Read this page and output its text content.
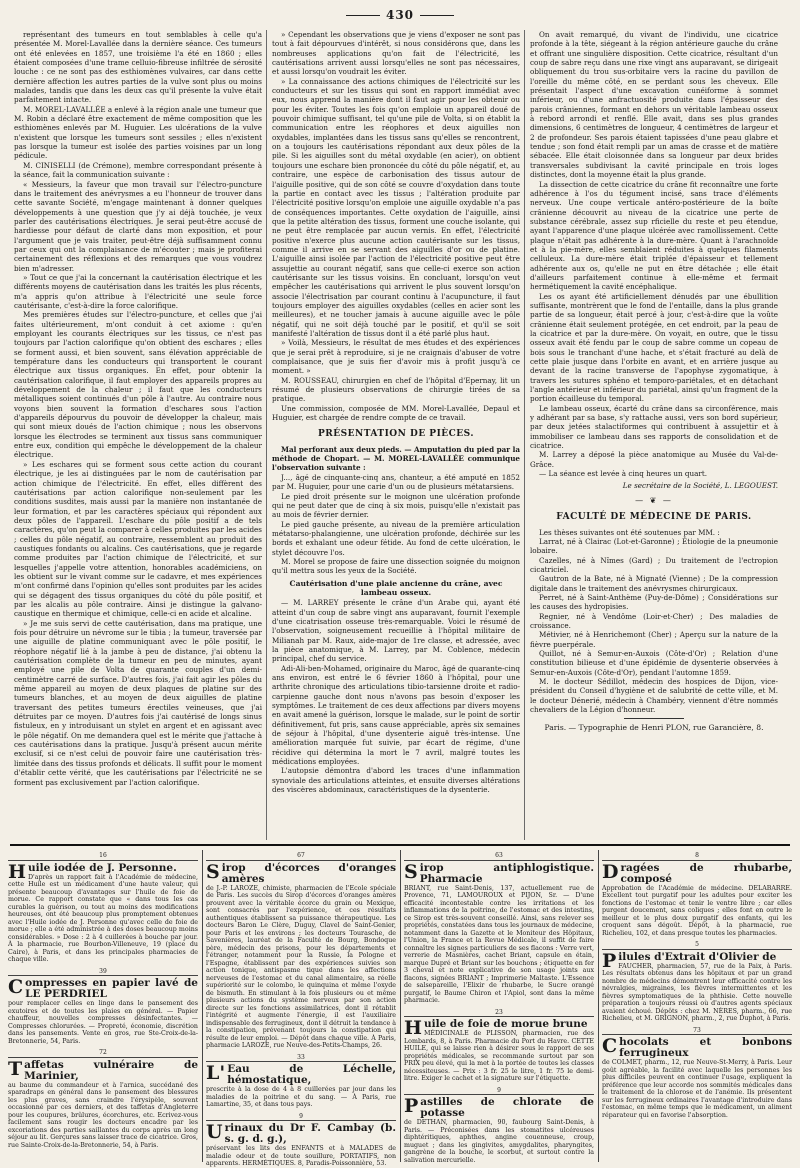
430

représentant des tumeurs en tout semblables à celle qu'a présentée M. Morel-Lavallée dans la dernière séance. Ces tumeurs ont été enlevées en 1857, une troisième l'a été en 1860 ; elles étaient composées d'une trame celluio-fibreuse infiltrée de sérosité louche : ce ne sont pas des esthiomènes vulvaires, car dans cette dernière affection les autres parties de la vulve sont plus ou moins malades, tandis que dans les deux cas qu'il présente la vulve était parfaitement intacte.

M. MOREL-LAVALLÉE a enlevé à la région anale une tumeur que M. Robin a déclaré être exactement de même composition que les esthiomènes enlevés par M. Huguier. Les ulcérations de la vulve n'existent que lorsque les tumeurs sont sessiles ; elles n'existent pas lorsque la tumeur est isolée des parties voisines par un long pédicule.

M. CINISELLI (de Crémone), membre correspondant présente à la séance, fait la communication suivante :

« Messieurs, la faveur que mon travail sur l'électro-puncture dans le traitement des anévrysmes a eu l'honneur de trouver dans cette savante Société, m'engage maintenant à donner quelques développements à une question que j'y ai déjà touchée, je veux parler des cautérisations électriques. Je serai peut-être accusé de hardiesse pour défaut de clarté dans mon exposition, et pour l'argument que je vais traiter, peut-être déjà suffisamment connu par ceux qui ont la complaisance de m'écouter ; mais je profiterai certainement des réflexions et des remarques que vous voudrez bien m'adresser.

» Tout ce que j'ai la concernant la cautérisation électrique et les différents moyens de cautérisation dans les traités les plus récents, m'a appris qu'on attribue à l'électricité une seule force cautérisante, c'est-à-dire la force calorifique.

Mes premières études sur l'électro-puncture, et celles que j'ai faites ultérieurement, m'ont conduit à cet axiome : qu'en employant les courants électriques sur les tissus, ce n'est pas toujours par l'action calorifique qu'on obtient des eschares ; elles se forment aussi, et bien souvent, sans élévation appréciable de température dans les conducteurs qui transportent le courant électrique aux tissus organiques. En effet, pour obtenir la cautérisation calorifique, il faut employer des appareils propres au développement de la chaleur ; il faut que les conducteurs métalliques soient continués d'un pôle à l'autre. Au contraire nous voyons bien souvent la formation d'eschares sous l'action d'appareils dépourvus du pouvoir de développer la chaleur, mais qui sont mieux doués de l'action chimique ; nous les observons lorsque les électrodes se terminent aux tissus sans communiquer entre eux, condition qui empêche le développement de la chaleur électrique.

» Les eschares qui se forment sous cette action du courant électrique, je les ai distinguées par le nom de cautérisation par action chimique de l'électricité. En effet, elles diffèrent des cautérisations par action calorifique non-seulement par les conditions susdites, mais aussi par la manière non instantanée de leur formation, et par les caractères spéciaux qui répondent aux deux pôles de l'appareil. L'eschare du pôle positif a de tels caractères, qu'on peut la comparer à celles produites par les acides ; celles du pôle négatif, au contraire, ressemblent au produit des caustiques fondants ou alcalins. Ces cautérisations, que je regarde comme produites par l'action chimique de l'électricité, et sur lesquelles j'appelle votre attention, honorables académiciens, on les obtient sur le vivant comme sur le cadavre, et mes expériences m'ont confirmé dans l'opinion qu'elles sont produites par les acides qui se dégagent des tissus organiques du côté du pôle positif, et par les alcalis au pôle contraire. Ainsi je distingue la galvano-caustique en thermique et chimique, celle-ci en acide et alcaline.

» Je me suis servi de cette cautérisation, dans ma pratique, une fois pour détruire un névrome sur le tibia ; la tumeur, traversée par une aiguille de platine communiquant avec le pôle positif, le réophore négatif lié à la jambe à peu de distance, j'ai obtenu la cautérisation complète de la tumeur en peu de minutes, ayant employé une pile de Volta de quarante couples d'un demi-centimètre carré de surface. D'autres fois, j'ai fait agir les pôles du même appareil au moyen de deux plaques de platine sur des tumeurs blanches, et au moyen de deux aiguilles de platine traversant des petites tumeurs érectiles veineuses, que j'ai détruites par ce moyen. D'autres fois j'ai cautérisé de longs sinus fistuleux, en y introduisant un stylet en argent et en agissant avec le pôle négatif. On me demandera quel est le mérite que j'attache à ces cautérisations dans la pratique. Jusqu'à présent aucun mérite exclusif, si ce n'est celui de pouvoir faire une cautérisation très-limitée dans des tissus profonds et délicats. Il suffit pour le moment d'établir cette vérité, que les cautérisations par l'électricité ne se forment pas exclusivement par l'action calorifique.

» Cependant les observations que je viens d'exposer ne sont pas tout à fait dépourvues d'intérêt, si nous considérons que, dans les nombreuses applications qu'on fait de l'électricité, les cautérisations arrivent aussi lorsqu'elles ne sont pas nécessaires, et aussi lorsqu'on voudrait les éviter.

» La connaissance des actions chimiques de l'électricité sur les conducteurs et sur les tissus qui sont en rapport immédiat avec eux, nous apprend la manière dont il faut agir pour les obtenir ou pour les éviter. Toutes les fois qu'on emploie un appareil doué de pouvoir chimique suffisant, tel qu'une pile de Volta, si on établit la communication entre les réophores et deux aiguilles non oxydables, implantées dans les tissus sans qu'elles se rencontrent, on a toujours les cautérisations répondant aux deux pôles de la pile. Si les aiguilles sont du métal oxydable (en acier), on obtient toujours une eschare bien prononcée du côté du pôle négatif, et, au contraire, une espèce de carbonisation des tissus autour de l'aiguille positive, qui de son côté se couvre d'oxydation dans toute la partie en contact avec les tissus ; l'altération produite par l'électricité positive lorsqu'on emploie une aiguille oxydable n'a pas de conséquences importantes. Cette oxydation de l'aiguille, ainsi que la petite altération des tissus, forment une couche isolante, qui ne peut être remplacée par aucun vernis. En effet, l'électricité positive n'exerce plus aucune action cautérisante sur les tissus, comme il arrive en se servant des aiguilles d'or ou de platine. L'aiguille ainsi isolée par l'action de l'électricité positive peut être assujettie au courant négatif, sans que celle-ci exerce son action cautérisante sur les tissus voisins. En concluant, lorsqu'on veut empêcher les cautérisations qui arrivent le plus souvent lorsqu'on associe l'électrisation par courant continu à l'acupuncture, il faut toujours employer des aiguilles oxydables (celles en acier sont les meilleures), et ne toucher jamais à aucune aiguille avec le pôle négatif, qui ne soit déjà touché par le positif, et qu'il se soit manifesté l'altération de tissus dont il a été parlé plus haut.

» Voilà, Messieurs, le résultat de mes études et des expériences que je serai prêt à reproduire, si je ne craignais d'abuser de votre complaisance, que je suis fier d'avoir mis à profit jusqu'à ce moment. »

M. ROUSSEAU, chirurgien en chef de l'hôpital d'Epernay, lit un résumé de plusieurs observations de chirurgie tirées de sa pratique.

Une commission, composée de MM. Morel-Lavallée, Depaul et Huguier, est chargée de rendre compte de ce travail.

PRÉSENTATION DE PIÈCES.

Mal perforant aux deux pieds. — Amputation du pied par la méthode de Chopart. — M. MOREL-LAVALLÉE communique l'observation suivante :

J..., âgé de cinquante-cinq ans, chanteur, a été amputé en 1852 par M. Huguier, pour une carie d'un ou de plusieurs métatarsiens.

Le pied droit présente sur le moignon une ulcération profonde qui ne peut dater que de cinq à six mois, puisqu'elle n'existait pas au mois de février dernier.

Le pied gauche présente, au niveau de la première articulation métatarso-phalangienne, une ulcération profonde, déchirée sur les bords et exhalant une odeur fétide. Au fond de cette ulcération, le stylet découvre l'os.

M. Morel se propose de faire une dissection soignée du moignon qu'il mettra sous les yeux de la Société.

Cautérisation d'une plaie ancienne du crâne, avec lambeau osseux.

— M. LARREY présente le crâne d'un Arabe qui, ayant été atteint d'un coup de sabre vingt ans auparavant, fournit l'exemple d'une cicatrisation osseuse très-remarquable. Voici le résumé de l'observation, soigneusement recueillie à l'hôpital militaire de Milianah par M. Raux, aide-major de 1re classe, et adressée, avec la pièce anatomique, à M. Larrey, par M. Coblence, médecin principal, chef du service.

Adi-Ali-ben-Mohamed, originaire du Maroc, âgé de quarante-cinq ans environ, est entré le 6 février 1860 à l'hôpital, pour une arthrite chronique des articulations tibio-tarsienne droite et radio-carpienne gauche dont nous n'avons pas besoin d'exposer les symptômes. Le traitement de ces deux affections par divers moyens en avait amené la guérison, lorsque le malade, sur le point de sortir définitivement, fut pris, sans cause appréciable, après six semaines de séjour à l'hôpital, d'une dysenterie aiguë très-intense. Une amélioration marquée fut suivie, par écart de régime, d'une récidive qui détermina la mort le 7 avril, malgré toutes les médications employées.

L'autopsie démontra d'abord les traces d'une inflammation synoviale des articulations atteintes, et ensuite diverses altérations des viscères abdominaux, caractéristiques de la dysenterie.

On avait remarqué, du vivant de l'individu, une cicatrice profonde à la tête, siégeant à la région antérieure gauche du crâne et offrant une singulière disposition. Cette cicatrice, résultant d'un coup de sabre reçu dans une rixe vingt ans auparavant, se dirigeait obliquement du trou sus-orbitaire vers la racine du pavillon de l'oreille du même côté, en se perdant sous les cheveux. Elle présentait l'aspect d'une excavation cunéiforme à sommet inférieur, ou d'une anfractuosité produite dans l'épaisseur des parois crâniennes, formant en dehors un véritable lambeau osseux à rebord arrondi et renflé. Elle avait, dans ses plus grandes dimensions, 6 centimètres de longueur, 4 centimètres de largeur et 2 de profondeur. Ses parois étaient tapissées d'une peau glabre et tendue ; son fond était rempli par un amas de crasse et de matière sébacée. Elle était cloisonnée dans sa longueur par deux brides transversales subdivisant la cavité principale en trois loges distinctes, dont la moyenne était la plus grande.

La dissection de cette cicatrice du crâne fit reconnaître une forte adhérence à l'os du tégument incisé, sans trace d'éléments nerveux. Une coupe verticale antéro-postérieure de la boîte crânienne découvrit au niveau de la cicatrice une perte de substance cérébrale, assez sup rficielle du reste et peu étendue, ayant l'apparence d'une plaque ulcérée avec ramollissement. Cette plaque n'était pas adhérente à la dure-mère. Quant à l'arachnoïde et à la pie-mère, elles semblaient réduites à quelques filaments celluleux. La dure-mère était triplée d'épaisseur et tellement adhérente aux os, qu'elle ne put en être détachée ; elle était d'ailleurs parfaitement continue à elle-même et fermait hermétiquement la cavité encéphalique.

Les os ayant été artificiellement dénudés par une ébullition suffisante, montrèrent que le fond de l'entaille, dans la plus grande partie de sa longueur, était percé à jour, c'est-à-dire que la voûte crânienne était seulement protégée, en cet endroit, par la peau de la cicatrice et par la dure-mère. On voyait, en outre, que le tissu osseux avait été fendu par le coup de sabre comme un copeau de bois sous le tranchant d'une hache, et s'était fracturé au delà de cette plaie jusque dans l'orbite en avant, et en arrière jusque au devant de la racine transverse de l'apophyse zygomatique, à travers les sutures sphéno et temporo-pariétales, et en détachant l'angle antérieur et inférieur du pariétal, ainsi qu'un fragment de la portion écailleuse du temporal.

Le lambeau osseux, écarté du crâne dans sa circonférence, mais y adhérant par sa base, s'y rattache aussi, vers son bord supérieur, par deux jetées stalactiformes qui contribuent à assujettir et à immobiliser ce lambeau dans ses rapports de consolidation et de cicatrice.

M. Larrey a déposé la pièce anatomique au Musée du Val-de-Grâce.

— La séance est levée à cinq heures un quart.

Le secrétaire de la Société, L. LEGOUEST.

— ❦ —

FACULTÉ DE MÉDECINE DE PARIS.

Les thèses suivantes ont été soutenues par MM. :

Larrat, né à Clairac (Lot-et-Garonne) ; Étiologie de la pneumonie lobaire.

Cazelles, né à Nîmes (Gard) ; Du traitement de l'ectropion cicatriciel.

Gautron de la Bate, né à Mignaté (Vienne) ; De la compression digitale dans le traitement des anévrysmes chirurgicaux.

Perret, né à Saint-Anthème (Puy-de-Dôme) ; Considérations sur les causes des hydropisies.

Regnier, né à Vendôme (Loir-et-Cher) ; Des maladies de croissance.

Métivier, né à Henrichemont (Cher) ; Aperçu sur la nature de la fièvre puerpérale.

Quillot, né à Semur-en-Auxois (Côte-d'Or) ; Relation d'une constitution bilieuse et d'une épidémie de dysenterie observées à Semur-en-Auxois (Côte-d'Or), pendant l'automne 1859.

M. le docteur Sédillot, médecin des hospices de Dijon, vice-président du Conseil d'hygiène et de salubrité de cette ville, et M. le docteur Dénerié, médecin à Chambéry, viennent d'être nommés chevaliers de la Légion d'honneur.

Paris. — Typographie de Henri PLON, rue Garancière, 8.

16
Huile iodée de J. Personne.
D'après un rapport fait à l'Académie de médecine, cette Huile est un médicament d'une haute valeur, qui présente beaucoup d'avantages sur l'huile de foie de morue. Ce rapport constate que « dans tous les cas curables la guérison, ou tout au moins des modifications heureuses, ont été beaucoup plus promptement obtenues avec l'Huile iodée de J. Personne qu'avec celle de foie de morue ; elle a été administrée à des doses beaucoup moins considérables. » Dose : 2 à 4 cuillerées à bouche par jour. À la pharmacie, rue Bourbon-Villeneuve, 19 (place du Caire), à Paris, et dans les principales pharmacies de chaque ville.
39
Compresses en papier lavé de LE PERDRIEL
pour remplacer celles en linge dans le pansement des exutoires et de toutes les plaies en général. — Papier chauffeur, nouvelles compresses désinfectantes. — Compresses chlorurées. — Propreté, économie, discrétion dans les pansements. Vente en gros, rue Ste-Croix-de-la-Bretonnerie, 54, Paris.
72
Taffetas vulnéraire de Marinier,
au baume du commandeur et à l'arnica, succédané des sparadraps en général dans le pansement des blessures les plus graves, sans craindre l'érysipèle, souvent occasionné par ces derniers, et des taffetas d'Angleterre pour les coupures, brûlures, écorchures, etc. Ecrivez-vous facilement sans rougir les docteurs encadre par les excoriations des parties saillantes du corps après un long séjour au lit. Gerçures sans laisser trace de cicatrice. Gros, rue Sainte-Croix-de-la-Bretonnerie, 54, à Paris.
67
Sirop d'écorces d'oranges amères
de J.-P. LAROZE, chimiste, pharmacien de l'Ecole spéciale de Paris. Les succès du Sirop d'écorces d'oranges amères prouvent avec la véritable écorce du grain ou Mexique, sont consacrés par l'expérience, et ces résultats authentiques établissent sa puissance thérapeutique. Les docteurs Baron Le Clère, Duguy, Clavel de Saint-Genier, pour Paris et les environs ; les docteurs Tourasche, de Savenières, lauréat de la Faculté de Bourg, Bondoque père, médecin des prisons, pour les départements et l'étranger, notamment pour la Russie, la Pologne et l'Espagne, établissent par des expériences suivies son action tonique, antispasme tique dans les affections nerveuses de l'estomac et du canal alimentaire, sa réelle supériorité sur le colombo, le quinquina et même l'oxyde de bismuth. En stimulant à la fois plusieurs ou et même plusieurs actions du système nerveux par son action directe sur les fonctions assimilatrices, dont il rétablit l'intégrité et augmente l'énergie, il est l'auxiliaire indispensable des ferrugineux, dont il détruit la tendance à la constipation, prévenant toujours la constipation qui résulte de leur emploi. — Dépôt dans chaque ville. À Paris, pharmacie LAROZE, rue Neuve-des-Petits-Champs, 26.
33
L'Eau de Léchelle, hémostatique,
prescrite à la dose de 4 à 8 cuillerées par jour dans les maladies de la poitrine et du sang. — À Paris, rue Lamartine, 35, et dans tous pays.
9
Urinaux du Dr F. Cambay (b. s. g. d. g.),
préservant les lits des ENFANTS et à MALADES de maladie odeur et de toute souillure, PORTATIFS, non apparents. HERMÉTIQUES. 8, Paradis-Poissonnière, 53.
63
Sirop antiphlogistique. Pharmacie
BRIANT, rue Saint-Denis, 137, actuellement rue de Provence, 71, LAMOUROUX et PIJON, Sr. — D'une efficacité incontestable contre les irritations et les inflammations de la poitrine, de l'estomac et des intestins, ce Sirop est très-souvent conseillé. Ainsi, sans relever ses propriétés, constatées dans tous les journaux de médecine, notamment dans la Gazette et le Moniteur des Hôpitaux, l'Union, la France et la Revue Médicale, il suffit de faire connaître les signes particuliers de ses flacons : Verre vert, verrerie de Masnières, cachet Briant, capsule en étain, marque Dupré et Briant sur les bouchons ; étiquette en fer 3 cheval et note explicative de son usage joints aux flacons, signées BRIANT ; Imprimerie Maltaste. L'Essence de salsepareille, l'Elixir de rhubarbe, le Sucre orangé purgatif, le Baume Chiron et l'Apiol, sont dans la même pharmacie.
23
Huile de foie de morue brune
MÉDICINALE de PLISSON, pharmacien, rue des Lombards, 8, à Paris. Pharmacie du Port du Havre. CETTE HUILE, qui se laisse rien à désirer sous le rapport de ses propriétés médicales, se recommande surtout par son PRIX peu élevé, qui la met à la portée de toutes les classes nécessiteuses. — Prix : 3 fr. 25 le litre, 1 fr. 75 le demi-litre. Exiger le cachet et la signature sur l'étiquette.
9
Pastilles de chlorate de potasse
de DETHAN, pharmacien, 90, faubourg Saint-Denis, à Paris. — Préconisées dans les stomatites ulcéreuses diphtéritiques, aphthes, angine couenneuse, croup, muguet ; dans les gingivites, amygdalites, pharyngites, gangrène de la bouche, le scorbut, et surtout contre la salivation mercurielle.
8
Dragées de rhubarbe, composé
Approbation de l'Académie de médecine. DELABARRE. Excellent tout purgatif pour les adultes pour exciter les fonctions de l'estomac et tenir le ventre libre ; car elles purgent doucement, sans coliques ; elles font en outre le meilleur et le plus doux purgatif des enfants, qui les croquent sans dégoût. Dépôt, à la pharmacie, rue Richelieu, 102, et dans presque toutes les pharmacies.
5
Pilules d'Extrait d'Olivier de
FAUCHER, pharmacien, 57, rue de la Paix, à Paris. Les résultats obtenus dans les hôpitaux et par un grand nombre de médecins démontrent leur efficacité contre les névralgies, migraines, les fièvres intermittentes et les fièvres symptomatiques de la phthisie. Cette nouvelle préparation a toujours réussi où d'autres agents spéciaux avaient échoué. Dépôts : chez M. NÈRES, pharm., 66, rue Richelieu, et M. GRIGNON, pharm., 2, rue Duphot, à Paris.
73
Chocolats et bonbons ferrugineux
de COLMET, pharm., 12, rue Neuve-St-Merry, à Paris. Leur goût agréable, la facilité avec laquelle les personnes les plus difficiles peuvent en continuer l'usage, expliquent la préférence que leur accorde nos sommités médicales dans le traitement de la chlorose et de l'anémie. Ils présentent sur les ferrugineux ordinaires l'avantage d'introduire dans l'estomac, en même temps que le médicament, un aliment réparateur qui en favorise l'absorption.
